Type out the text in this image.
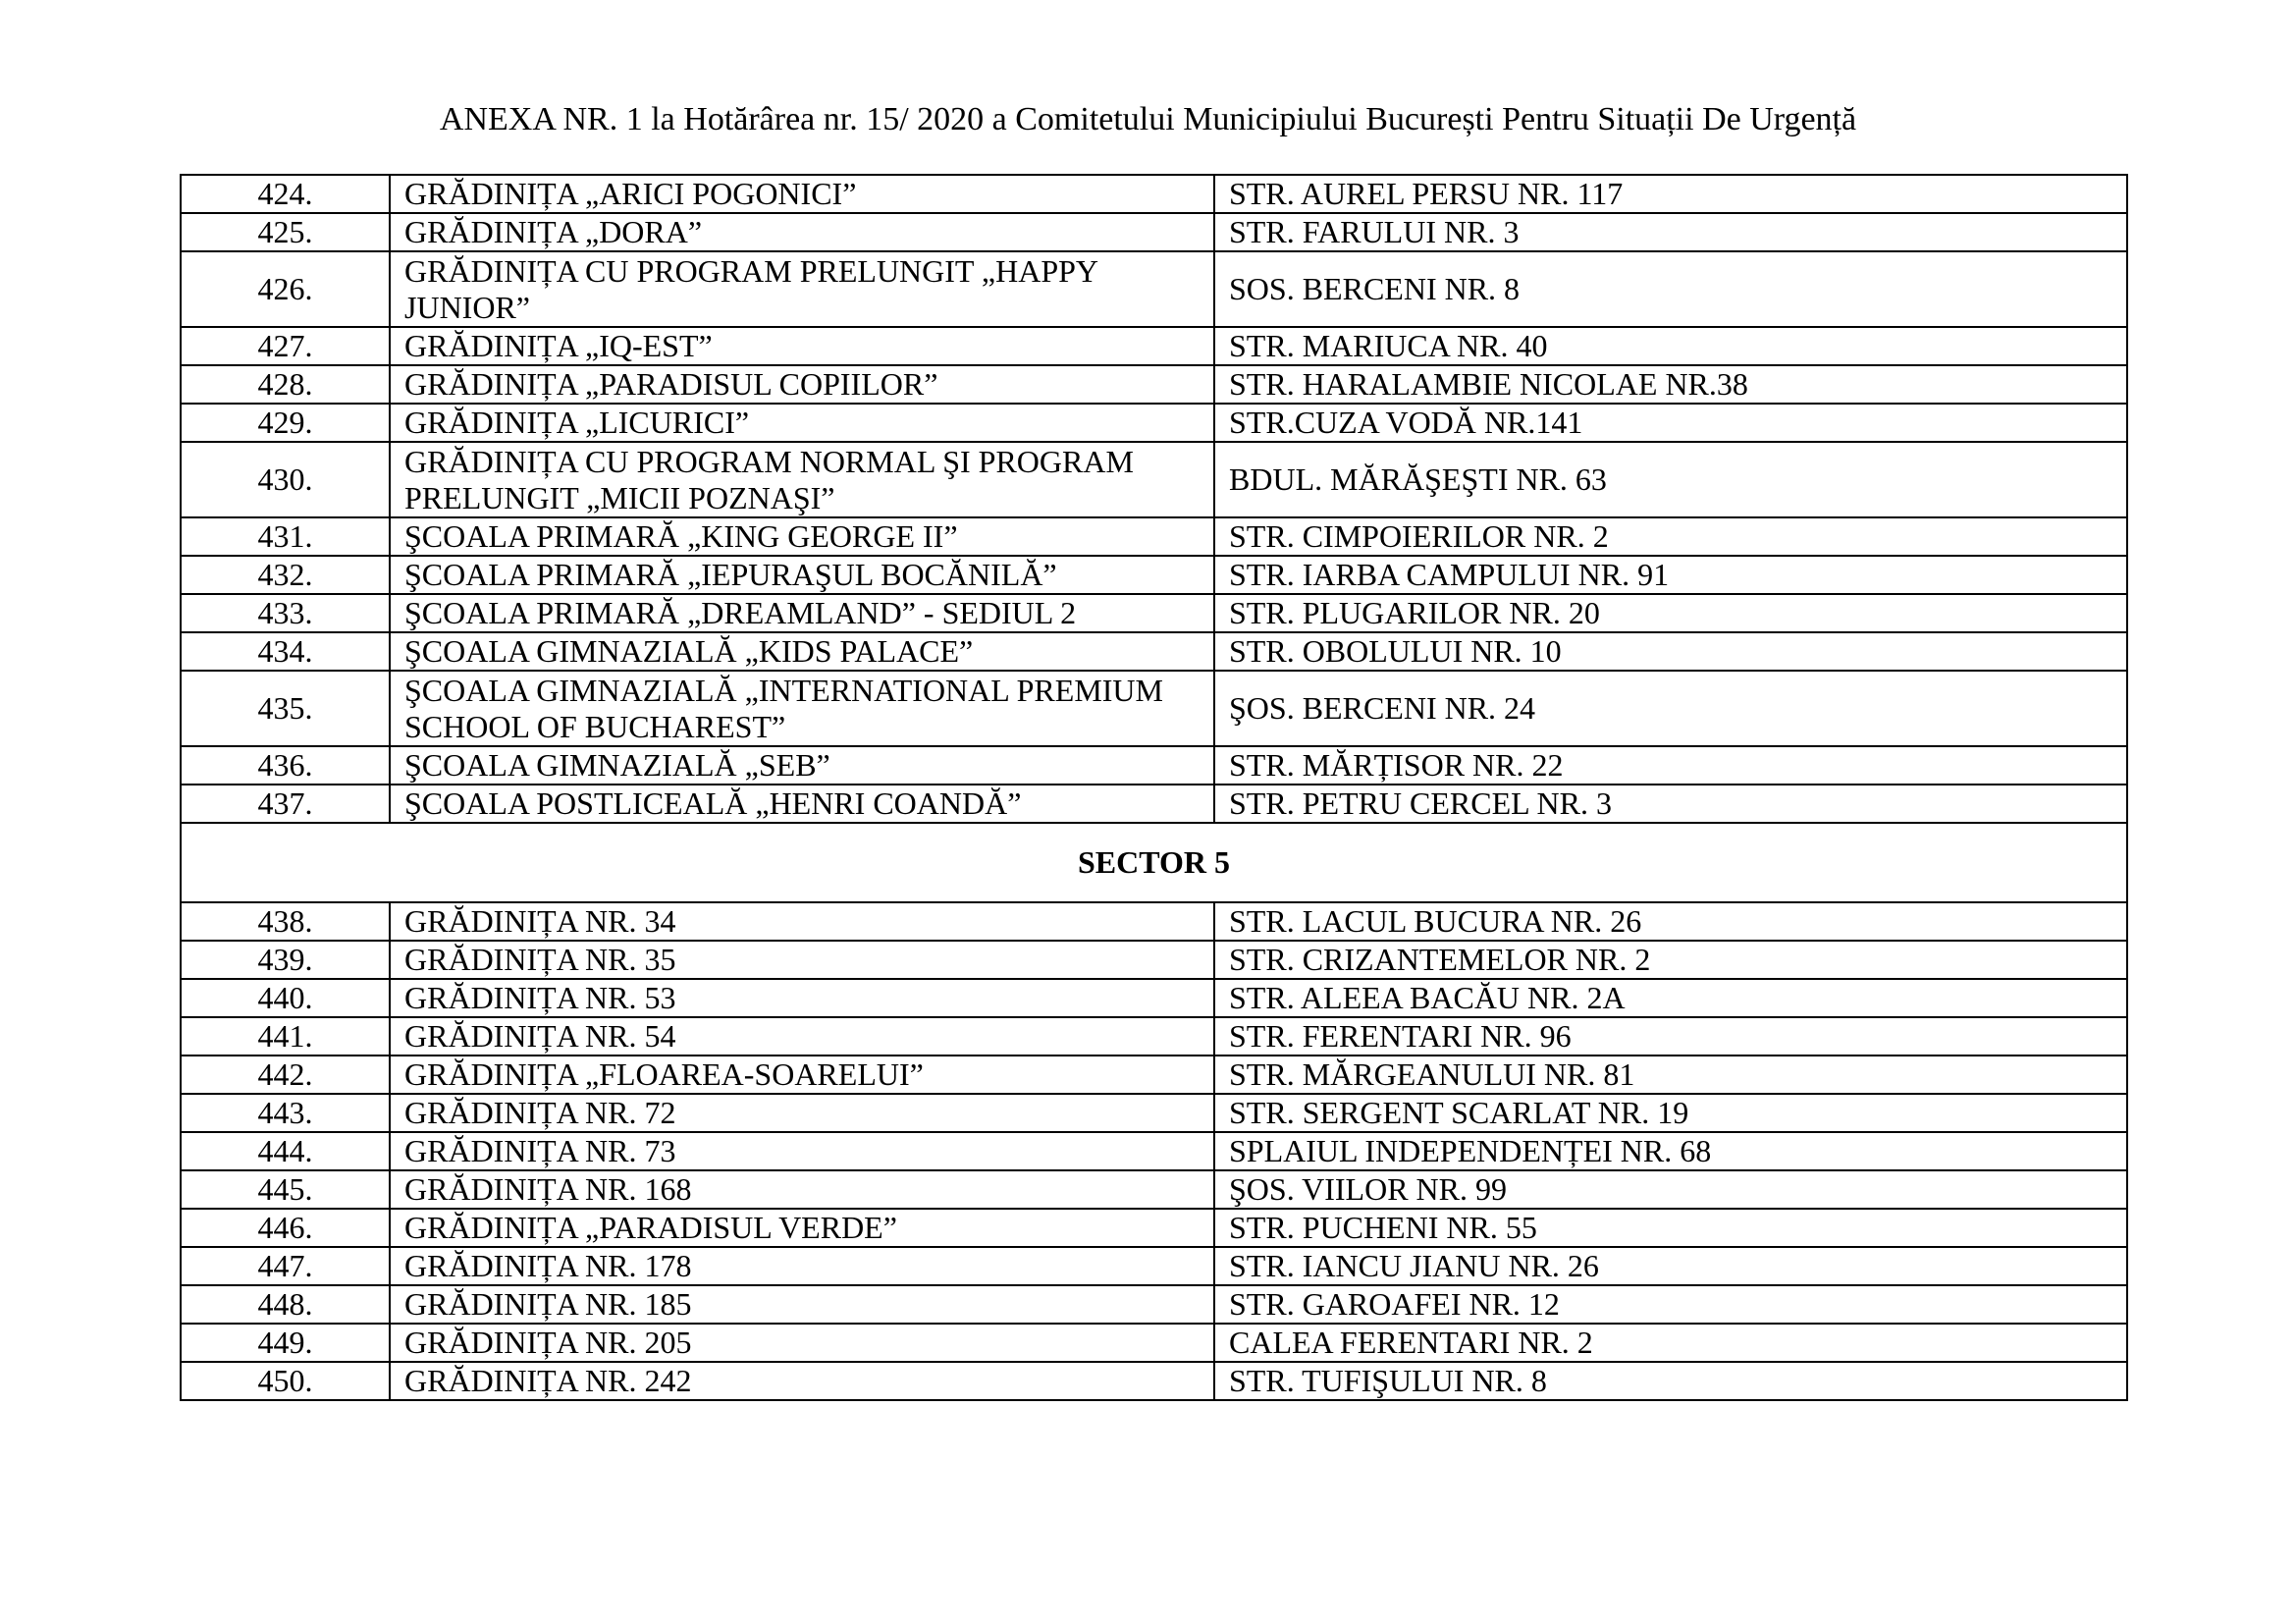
ANEXA NR. 1 la Hotărârea nr. 15/ 2020 a Comitetului Municipiului București Pentru Situații De Urgență
424.	GRĂDINIȚA „ARICI POGONICI”	STR. AUREL PERSU NR. 117
425.	GRĂDINIȚA „DORA”	STR. FARULUI NR. 3
426.	GRĂDINIȚA CU PROGRAM PRELUNGIT „HAPPY JUNIOR”	SOS. BERCENI NR. 8
427.	GRĂDINIȚA „IQ-EST”	STR. MARIUCA NR. 40
428.	GRĂDINIȚA „PARADISUL COPIILOR”	STR. HARALAMBIE NICOLAE NR.38
429.	GRĂDINIȚA „LICURICI”	STR.CUZA VODĂ NR.141
430.	GRĂDINIȚA CU PROGRAM NORMAL ŞI PROGRAM PRELUNGIT „MICII POZNAŞI”	BDUL. MĂRĂŞEŞTI NR. 63
431.	ŞCOALA PRIMARĂ „KING GEORGE II”	STR. CIMPOIERILOR NR. 2
432.	ŞCOALA PRIMARĂ „IEPURAŞUL BOCĂNILĂ”	STR. IARBA CAMPULUI NR. 91
433.	ŞCOALA PRIMARĂ „DREAMLAND” - SEDIUL 2	STR. PLUGARILOR NR. 20
434.	ŞCOALA GIMNAZIALĂ „KIDS PALACE”	STR. OBOLULUI NR. 10
435.	ŞCOALA GIMNAZIALĂ „INTERNATIONAL PREMIUM SCHOOL OF BUCHAREST”	ŞOS. BERCENI NR. 24
436.	ŞCOALA GIMNAZIALĂ „SEB”	STR. MĂRȚISOR NR. 22
437.	ŞCOALA POSTLICEALĂ „HENRI COANDĂ”	STR. PETRU CERCEL NR. 3
SECTOR 5		
438.	GRĂDINIȚA NR. 34	STR. LACUL BUCURA NR. 26
439.	GRĂDINIȚA NR. 35	STR. CRIZANTEMELOR NR. 2
440.	GRĂDINIȚA NR. 53	STR. ALEEA BACĂU NR. 2A
441.	GRĂDINIȚA NR. 54	STR. FERENTARI NR. 96
442.	GRĂDINIȚA „FLOAREA-SOARELUI”	STR. MĂRGEANULUI NR. 81
443.	GRĂDINIȚA NR. 72	STR. SERGENT SCARLAT NR. 19
444.	GRĂDINIȚA NR. 73	SPLAIUL INDEPENDENȚEI NR. 68
445.	GRĂDINIȚA NR. 168	ŞOS. VIILOR NR. 99
446.	GRĂDINIȚA „PARADISUL VERDE”	STR. PUCHENI NR. 55
447.	GRĂDINIȚA NR. 178	STR. IANCU JIANU NR. 26
448.	GRĂDINIȚA NR. 185	STR. GAROAFEI NR. 12
449.	GRĂDINIȚA NR. 205	CALEA FERENTARI NR. 2
450.	GRĂDINIȚA NR. 242	STR. TUFIŞULUI NR. 8
